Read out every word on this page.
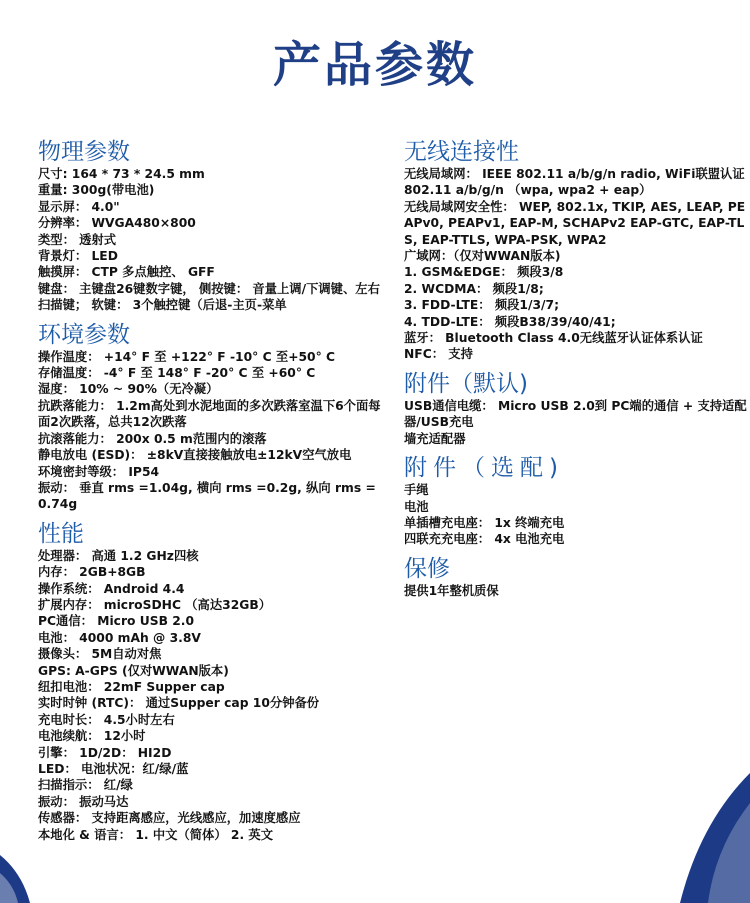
产品参数
物理参数
尺寸: 164 * 73 * 24.5 mm
重量: 300g(带电池)
显示屏： 4.0"
分辨率： WVGA480×800
类型： 透射式
背景灯： LED
触摸屏： CTP 多点触控、 GFF
键盘： 主键盘26键数字键， 侧按键： 音量上调/下调键、左右扫描键； 软键： 3个触控键（后退-主页-菜单
环境参数
操作温度： +14° F 至 +122° F -10° C 至+50° C
存储温度： -4° F 至 148° F -20° C 至 +60° C
湿度： 10% ~ 90%（无冷凝）
抗跌落能力： 1.2m高处到水泥地面的多次跌落室温下6个面每面2次跌落，总共12次跌落
抗滚落能力： 200x 0.5 m范围内的滚落
静电放电 (ESD)： ±8kV直接接触放电±12kV空气放电
环境密封等级： IP54
振动： 垂直 rms =1.04g, 横向 rms =0.2g, 纵向 rms =0.74g
性能
处理器： 高通 1.2 GHz四核
内存： 2GB+8GB
操作系统： Android 4.4
扩展内存： microSDHC （高达32GB）
PC通信： Micro USB 2.0
电池： 4000 mAh @ 3.8V
摄像头： 5M自动对焦
GPS: A-GPS (仅对WWAN版本)
纽扣电池： 22mF Supper cap
实时时钟 (RTC)： 通过Supper cap 10分钟备份
充电时长： 4.5小时左右
电池续航： 12小时
引擎： 1D/2D： HI2D
LED： 电池状况：红/绿/蓝
扫描指示： 红/绿
振动： 振动马达
传感器： 支持距离感应，光线感应，加速度感应
本地化 & 语言： 1. 中文（简体） 2. 英文
无线连接性
无线局域网： IEEE 802.11 a/b/g/n radio, WiFi联盟认证 802.11 a/b/g/n （wpa, wpa2 + eap）
无线局域网安全性： WEP, 802.1x, TKIP, AES, LEAP, PEAPv0, PEAPv1, EAP-M, SCHAPv2 EAP-GTC, EAP-TLS, EAP-TTLS, WPA-PSK, WPA2
广域网：（仅对WWAN版本)
1. GSM&EDGE： 频段3/8
2. WCDMA： 频段1/8;
3. FDD-LTE： 频段1/3/7;
4. TDD-LTE： 频段B38/39/40/41;
蓝牙： Bluetooth Class 4.0无线蓝牙认证体系认证
NFC： 支持
附件（默认)
USB通信电缆： Micro USB 2.0到 PC端的通信 + 支持适配器/USB充电
墙充适配器
附件（选配)
手绳
电池
单插槽充电座： 1x 终端充电
四联充充电座： 4x 电池充电
保修
提供1年整机质保
